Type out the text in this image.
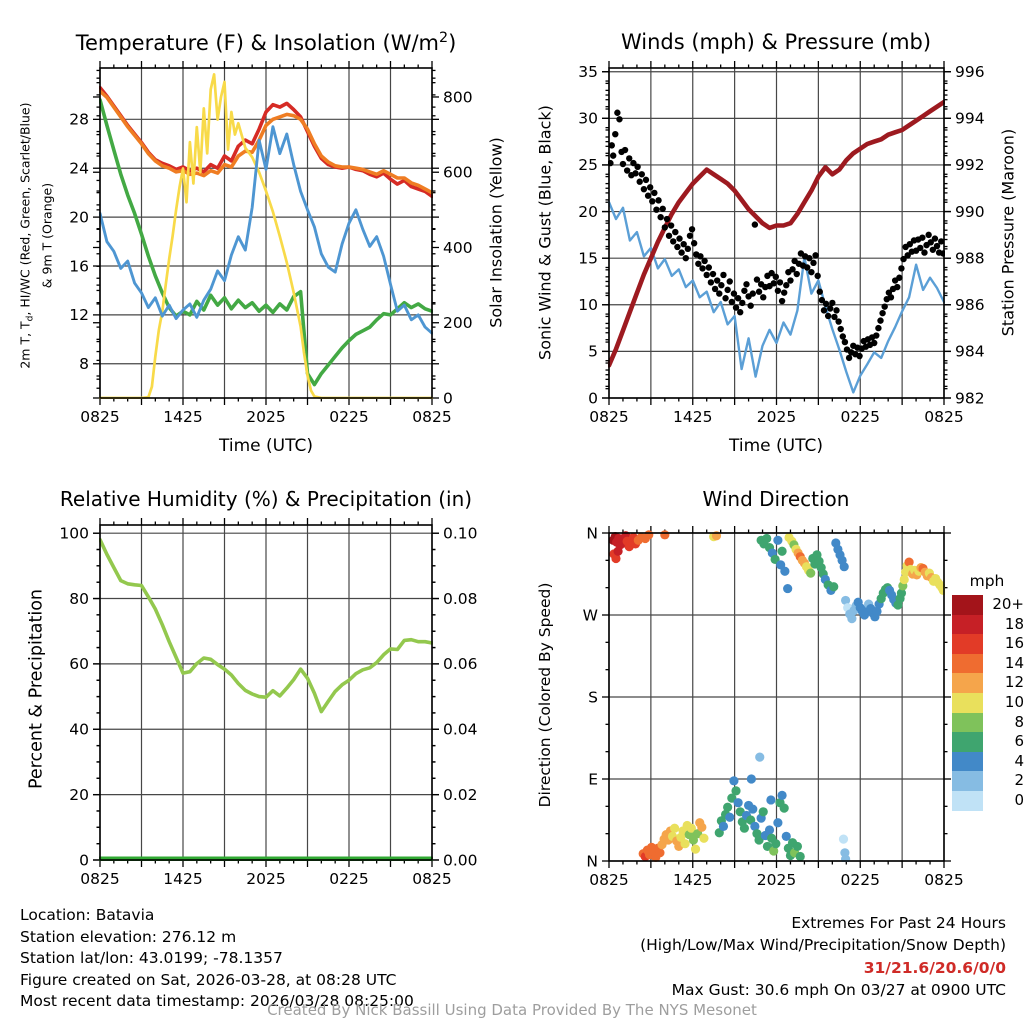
0825	1425	2025	0225	0825
8
12
16
20
24
28
0
200
400
600
800
0825	1425	2025	0225	0825
0
5
10
15
20
25
30
35
982
984
986
988
990
992
994
996
0825	1425	2025	0225	0825
0
20
40
60
80
100
0.00
0.02
0.04
0.06
0.08
0.10
0825	1425	2025	0225	0825
N
E
S
W
N
Temperature (F) & Insolation $(W/m^2)$	Winds (mph) & Pressure (mb)
Relative Humidity (%) & Precipitation (in)	Wind Direction
2m T, $T_d$, HI/WC (Red, Green, Scarlet/Blue) & 9m T (Orange)	Solar Insolation (Yellow) Sonic Wind & Gust (Blue, Black)	Station Pressure (Maroon)
Percent & Precipitation	Direction (Colored By Speed)
Time (UTC)	Time (UTC)
mph
20+
18
16
14
12
10
8
6
4
2
0
Location: Batavia
Station elevation: 276.12 m
Station lat/lon: 43.0199; -78.1357
Figure created on Sat, 2026-03-28, at 08:28 UTC
Most recent data timestamp: 2026/03/28 08:25:00
Extremes For Past 24 Hours
(High/Low/Max Wind/Precipitation/Snow Depth)
31/21.6/20.6/0/0
Max Gust: 30.6 mph On 03/27 at 0900 UTC
Created By Nick Bassill Using Data Provided By The NYS Mesonet
